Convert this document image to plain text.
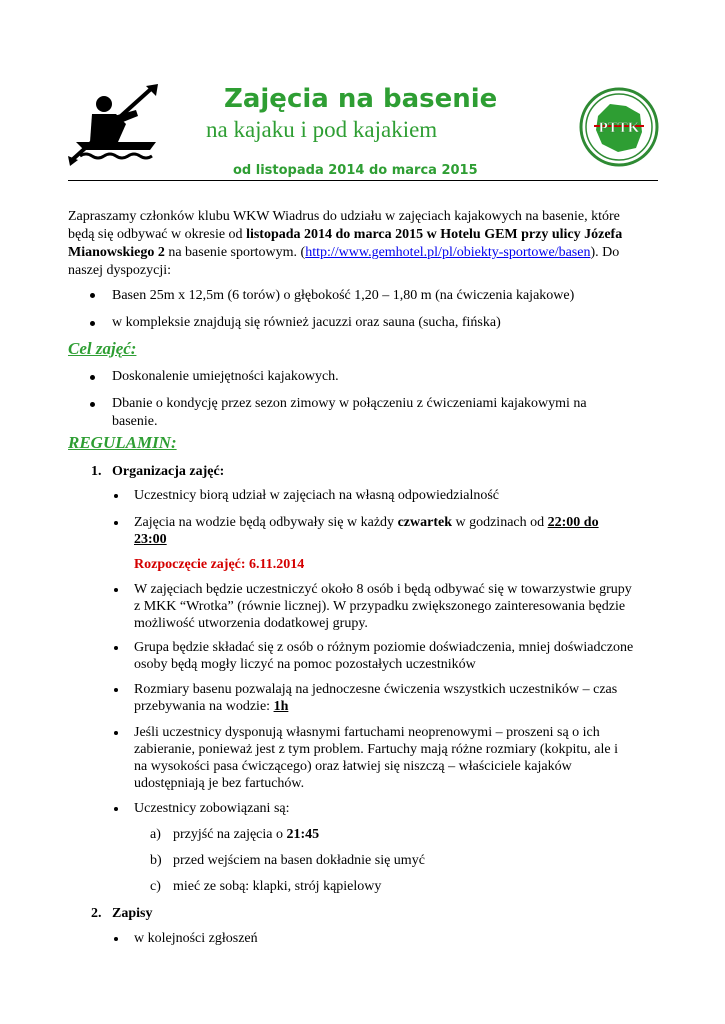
Zajęcia na basenie
na kajaku i pod kajakiem
od listopada 2014 do marca 2015
PTTK
Zapraszamy członków klubu WKW Wiadrus do udziału w zajęciach kajakowych na basenie, które
będą się odbywać w okresie od listopada 2014 do marca 2015 w Hotelu GEM przy ulicy Józefa
Mianowskiego 2 na basenie sportowym. (http://www.gemhotel.pl/pl/obiekty-sportowe/basen). Do
naszej dyspozycji:
Basen 25m x 12,5m (6 torów) o głębokość 1,20 – 1,80 m (na ćwiczenia kajakowe)
w kompleksie znajdują się również jacuzzi oraz sauna (sucha, fińska)
Cel zajęć:
Doskonalenie umiejętności kajakowych.
Dbanie o kondycję przez sezon zimowy w połączeniu z ćwiczeniami kajakowymi na
basenie.
REGULAMIN:
1. Organizacja zajęć:
Uczestnicy biorą udział w zajęciach na własną odpowiedzialność
Zajęcia na wodzie będą odbywały się w każdy czwartek w godzinach od 22:00 do
23:00
Rozpoczęcie zajęć: 6.11.2014
W zajęciach będzie uczestniczyć około 8 osób i będą odbywać się w towarzystwie grupy
z MKK “Wrotka” (równie licznej). W przypadku zwiększonego zainteresowania będzie
możliwość utworzenia dodatkowej grupy.
Grupa będzie składać się z osób o różnym poziomie doświadczenia, mniej doświadczone
osoby będą mogły liczyć na pomoc pozostałych uczestników
Rozmiary basenu pozwalają na jednoczesne ćwiczenia wszystkich uczestników – czas
przebywania na wodzie: 1h
Jeśli uczestnicy dysponują własnymi fartuchami neoprenowymi – proszeni są o ich
zabieranie, ponieważ jest z tym problem. Fartuchy mają różne rozmiary (kokpitu, ale i
na wysokości pasa ćwiczącego) oraz łatwiej się niszczą – właściciele kajaków
udostępniają je bez fartuchów.
Uczestnicy zobowiązani są:
a) przyjść na zajęcia o 21:45
b) przed wejściem na basen dokładnie się umyć
c) mieć ze sobą: klapki, strój kąpielowy
2. Zapisy
w kolejności zgłoszeń
